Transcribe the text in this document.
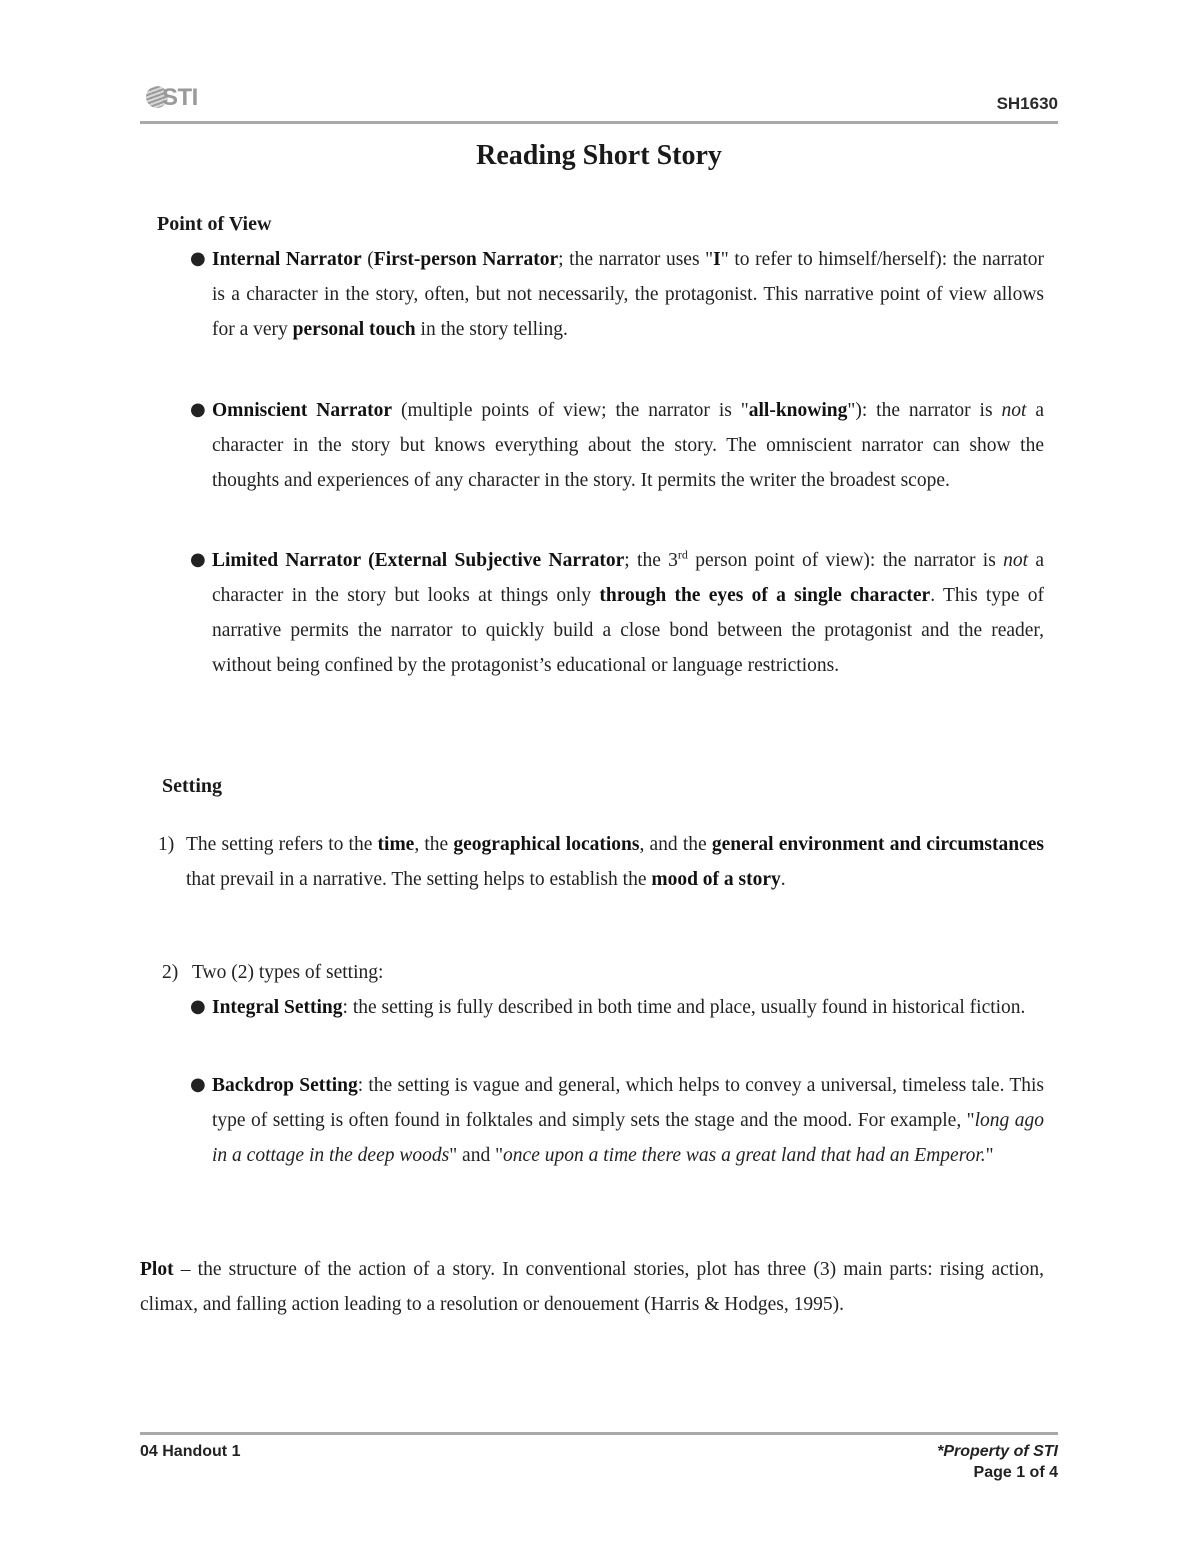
STI	SH1630
Reading Short Story
Point of View
● Internal Narrator (First-person Narrator; the narrator uses "I" to refer to himself/herself): the narrator is a character in the story, often, but not necessarily, the protagonist. This narrative point of view allows for a very personal touch in the story telling.
● Omniscient Narrator (multiple points of view; the narrator is "all-knowing"): the narrator is not a character in the story but knows everything about the story. The omniscient narrator can show the thoughts and experiences of any character in the story. It permits the writer the broadest scope.
● Limited Narrator (External Subjective Narrator; the 3rd person point of view): the narrator is not a character in the story but looks at things only through the eyes of a single character. This type of narrative permits the narrator to quickly build a close bond between the protagonist and the reader, without being confined by the protagonist’s educational or language restrictions.
Setting
1) The setting refers to the time, the geographical locations, and the general environment and circumstances that prevail in a narrative. The setting helps to establish the mood of a story.
2) Two (2) types of setting:
● Integral Setting: the setting is fully described in both time and place, usually found in historical fiction.
● Backdrop Setting: the setting is vague and general, which helps to convey a universal, timeless tale. This type of setting is often found in folktales and simply sets the stage and the mood. For example, "long ago in a cottage in the deep woods" and "once upon a time there was a great land that had an Emperor."
Plot – the structure of the action of a story. In conventional stories, plot has three (3) main parts: rising action, climax, and falling action leading to a resolution or denouement (Harris & Hodges, 1995).
04 Handout 1	*Property of STI
Page 1 of 4
